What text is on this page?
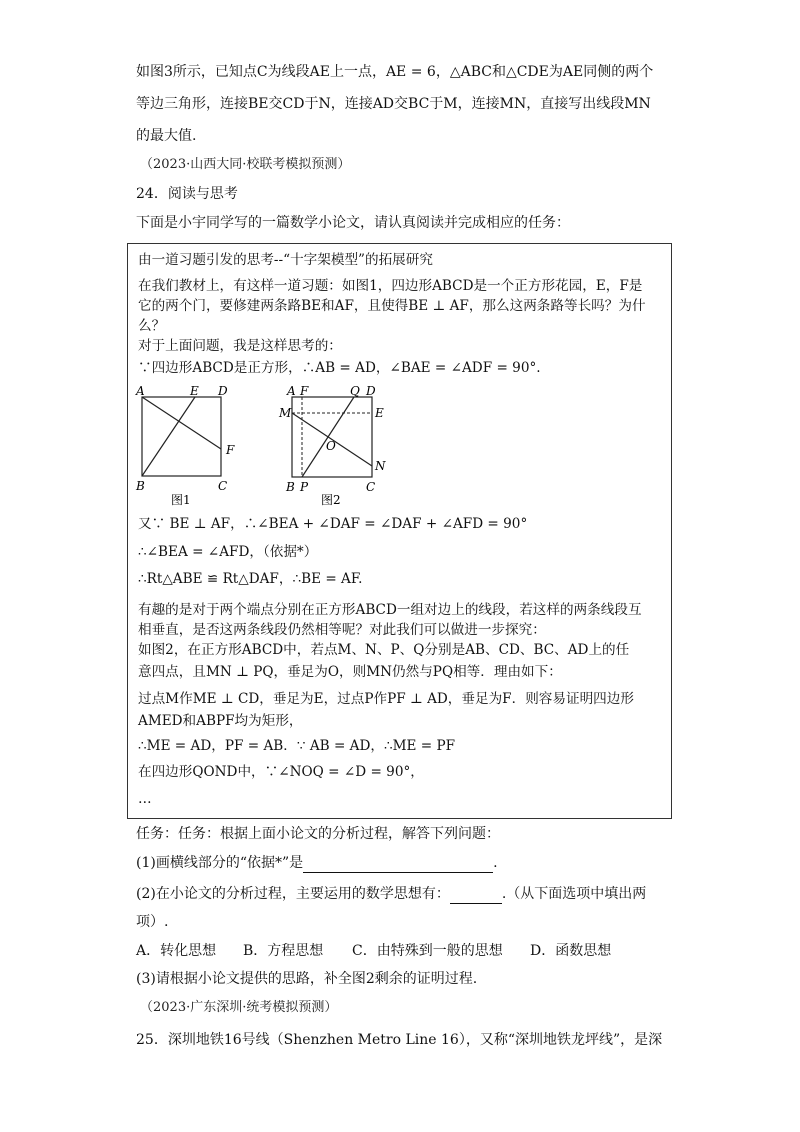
如图3所示，已知点C为线段AE上一点，AE = 6，△ABC和△CDE为AE同侧的两个
等边三角形，连接BE交CD于N，连接AD交BC于M，连接MN，直接写出线段MN
的最大值.
（2023·山西大同·校联考模拟预测）
24．阅读与思考
下面是小宇同学写的一篇数学小论文，请认真阅读并完成相应的任务：
由一道习题引发的思考--“十字架模型”的拓展研究
在我们教材上，有这样一道习题：如图1，四边形ABCD是一个正方形花园，E，F是
它的两个门，要修建两条路BE和AF，且使得BE ⊥ AF，那么这两条路等长吗？为什
么？
对于上面问题，我是这样思考的：
∵四边形ABCD是正方形，∴AB = AD，∠BAE = ∠ADF = 90°.
A	E D
F
B	C
图1
A F	Q D
M	E
O
N
B P	C
图2
又∵ BE ⊥ AF，∴∠BEA + ∠DAF = ∠DAF + ∠AFD = 90°
∴∠BEA = ∠AFD，（依据*）
∴Rt△ABE ≌ Rt△DAF，∴BE = AF.
有趣的是对于两个端点分别在正方形ABCD一组对边上的线段，若这样的两条线段互
相垂直，是否这两条线段仍然相等呢？对此我们可以做进一步探究：
如图2，在正方形ABCD中，若点M、N、P、Q分别是AB、CD、BC、AD上的任
意四点，且MN ⊥ PQ，垂足为O，则MN仍然与PQ相等．理由如下：
过点M作ME ⊥ CD，垂足为E，过点P作PF ⊥ AD，垂足为F．则容易证明四边形
AMED和ABPF均为矩形，
∴ME = AD，PF = AB．∵ AB = AD，∴ME = PF
在四边形QOND中，∵∠NOQ = ∠D = 90°，
…
任务：任务：根据上面小论文的分析过程，解答下列问题：
(1)画横线部分的“依据*”是	.
(2)在小论文的分析过程，主要运用的数学思想有：	.（从下面选项中填出两
项）.
A．转化思想 B．方程思想 C．由特殊到一般的思想 D．函数思想
(3)请根据小论文提供的思路，补全图2剩余的证明过程.
（2023·广东深圳·统考模拟预测）
25．深圳地铁16号线（Shenzhen Metro Line 16），又称“深圳地铁龙坪线”，是深
